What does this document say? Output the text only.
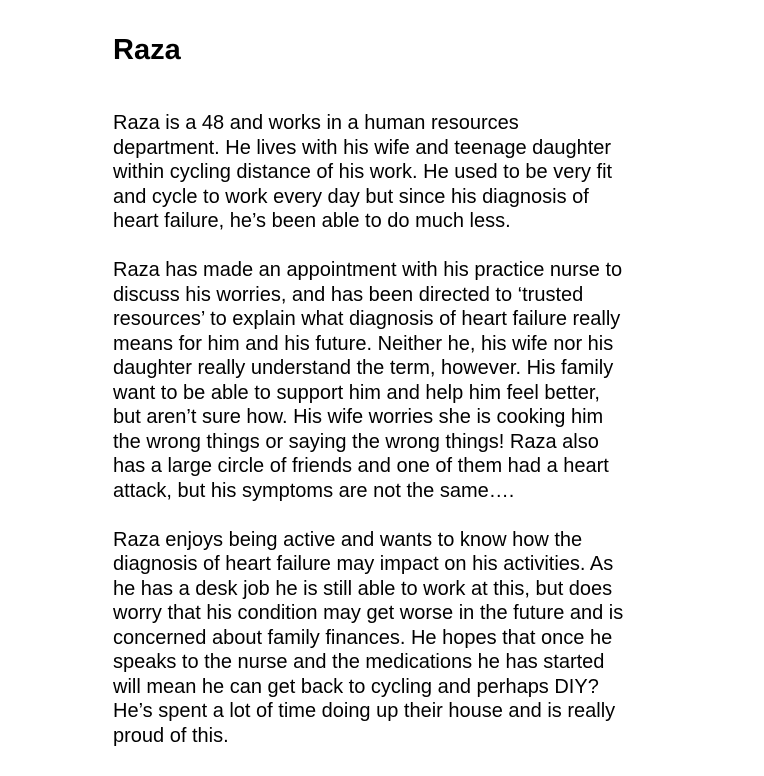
Raza

Raza is a 48 and works in a human resources
department. He lives with his wife and teenage daughter
within cycling distance of his work. He used to be very fit
and cycle to work every day but since his diagnosis of
heart failure, he’s been able to do much less.

Raza has made an appointment with his practice nurse to
discuss his worries, and has been directed to ‘trusted
resources’ to explain what diagnosis of heart failure really
means for him and his future. Neither he, his wife nor his
daughter really understand the term, however. His family
want to be able to support him and help him feel better,
but aren’t sure how. His wife worries she is cooking him
the wrong things or saying the wrong things! Raza also
has a large circle of friends and one of them had a heart
attack, but his symptoms are not the same….

Raza enjoys being active and wants to know how the
diagnosis of heart failure may impact on his activities. As
he has a desk job he is still able to work at this, but does
worry that his condition may get worse in the future and is
concerned about family finances. He hopes that once he
speaks to the nurse and the medications he has started
will mean he can get back to cycling and perhaps DIY?
He’s spent a lot of time doing up their house and is really
proud of this.
